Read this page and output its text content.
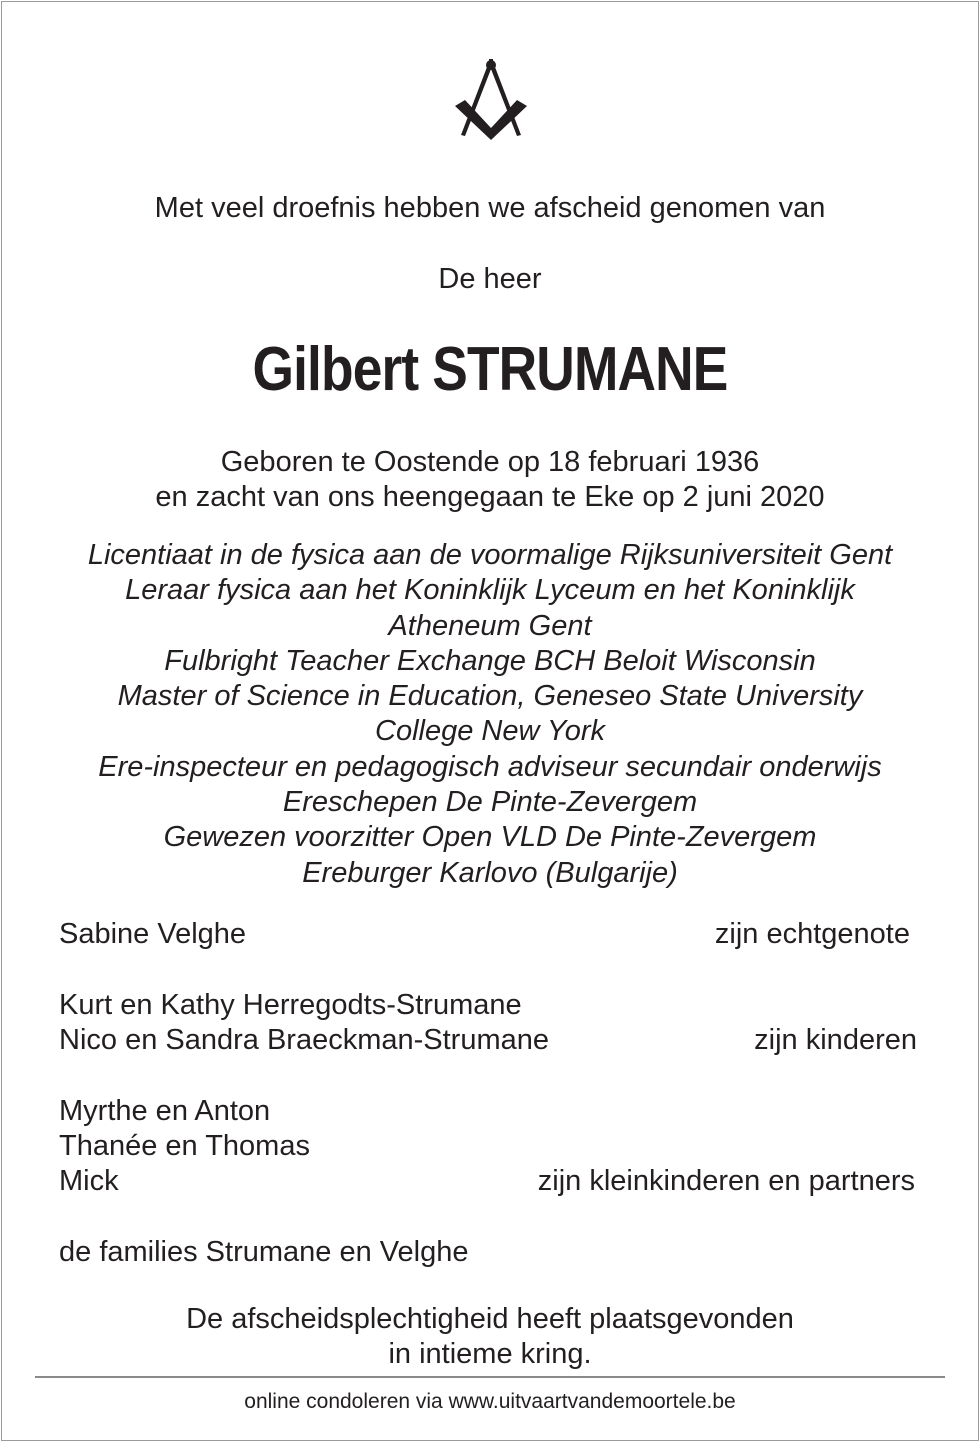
Met veel droefnis hebben we afscheid genomen van
De heer
Gilbert STRUMANE
Geboren te Oostende op 18 februari 1936
en zacht van ons heengegaan te Eke op 2 juni 2020
Licentiaat in de fysica aan de voormalige Rijksuniversiteit Gent
Leraar fysica aan het Koninklijk Lyceum en het Koninklijk
Atheneum Gent
Fulbright Teacher Exchange BCH Beloit Wisconsin
Master of Science in Education, Geneseo State University
College New York
Ere-inspecteur en pedagogisch adviseur secundair onderwijs
Ereschepen De Pinte-Zevergem
Gewezen voorzitter Open VLD De Pinte-Zevergem
Ereburger Karlovo (Bulgarije)
Sabine Velghe	zijn echtgenote
Kurt en Kathy Herregodts-Strumane
Nico en Sandra Braeckman-Strumane	zijn kinderen
Myrthe en Anton
Thanée en Thomas
Mick	zijn kleinkinderen en partners
de families Strumane en Velghe
De afscheidsplechtigheid heeft plaatsgevonden
in intieme kring.
online condoleren via www.uitvaartvandemoortele.be
